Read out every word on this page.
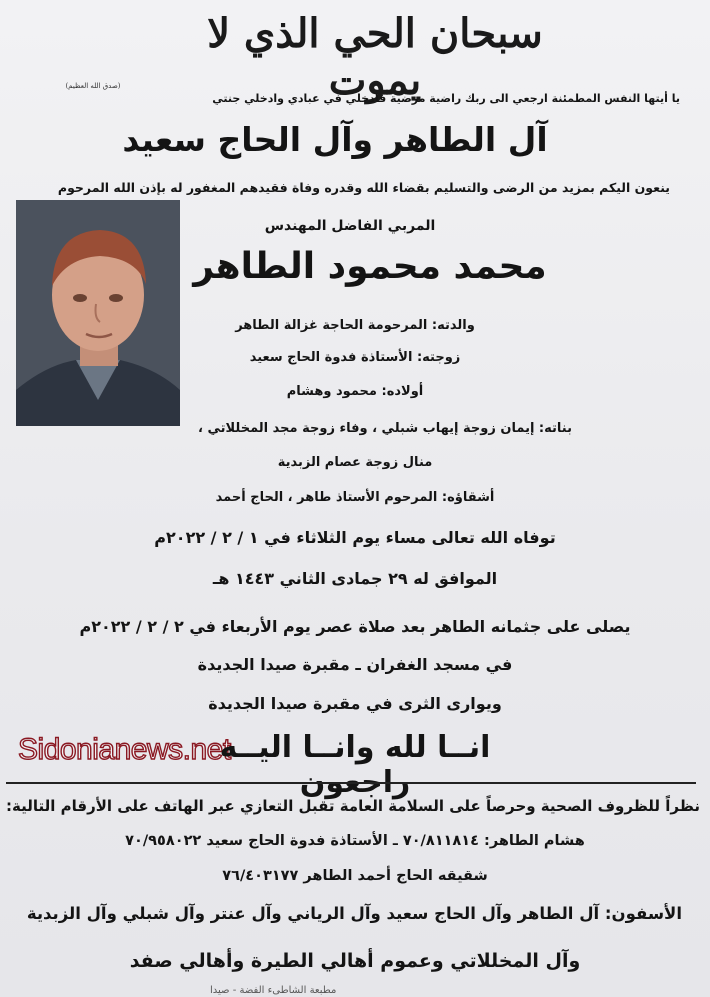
سبحان الحي الذي لا يموت
(صدق الله العظيم)
يا أيتها النفس المطمئنة ارجعي الى ربك راضية مرضية فادخلي في عبادي وادخلي جنتي
آل الطاهر وآل الحاج سعيد
ينعون اليكم بمزيد من الرضى والتسليم بقضاء الله وقدره وفاة فقيدهم المغفور له بإذن الله المرحوم
المربي الفاضل المهندس
محمد محمود الطاهر
والدته: المرحومة الحاجة غزالة الطاهر
زوجته: الأستاذة فدوة الحاج سعيد
أولاده: محمود وهشام
بناته: إيمان زوجة إيهاب شبلي ، وفاء زوجة مجد المخللاتي ،
منال زوجة عصام الزبدية
أشقاؤه: المرحوم الأستاذ طاهر ، الحاج أحمد
توفاه الله تعالى مساء يوم الثلاثاء في ١ / ٢ / ٢٠٢٢م
الموافق له ٢٩ جمادى الثاني ١٤٤٣ هـ
يصلى على جثمانه الطاهر بعد صلاة عصر يوم الأربعاء في ٢ / ٢ / ٢٠٢٢م
في مسجد الغفران ـ مقبرة صيدا الجديدة
ويوارى الثرى في مقبرة صيدا الجديدة
Sidonianews.net
انــا لله وانــا اليــه راجعون
نظراً للظروف الصحية وحرصاً على السلامة العامة تقبل التعازي عبر الهاتف على الأرقام التالية:
هشام الطاهر: ٧٠/٨١١٨١٤ ـ الأستاذة فدوة الحاج سعيد ٧٠/٩٥٨٠٢٢
شقيقه الحاج أحمد الطاهر ٧٦/٤٠٣١٧٧
الأسفون: آل الطاهر وآل الحاج سعيد وآل الرياني وآل عنتر وآل شبلي وآل الزبدية
وآل المخللاتي وعموم أهالي الطيرة وأهالي صفد
مطبعة الشاطىء الفضة - صيدا
